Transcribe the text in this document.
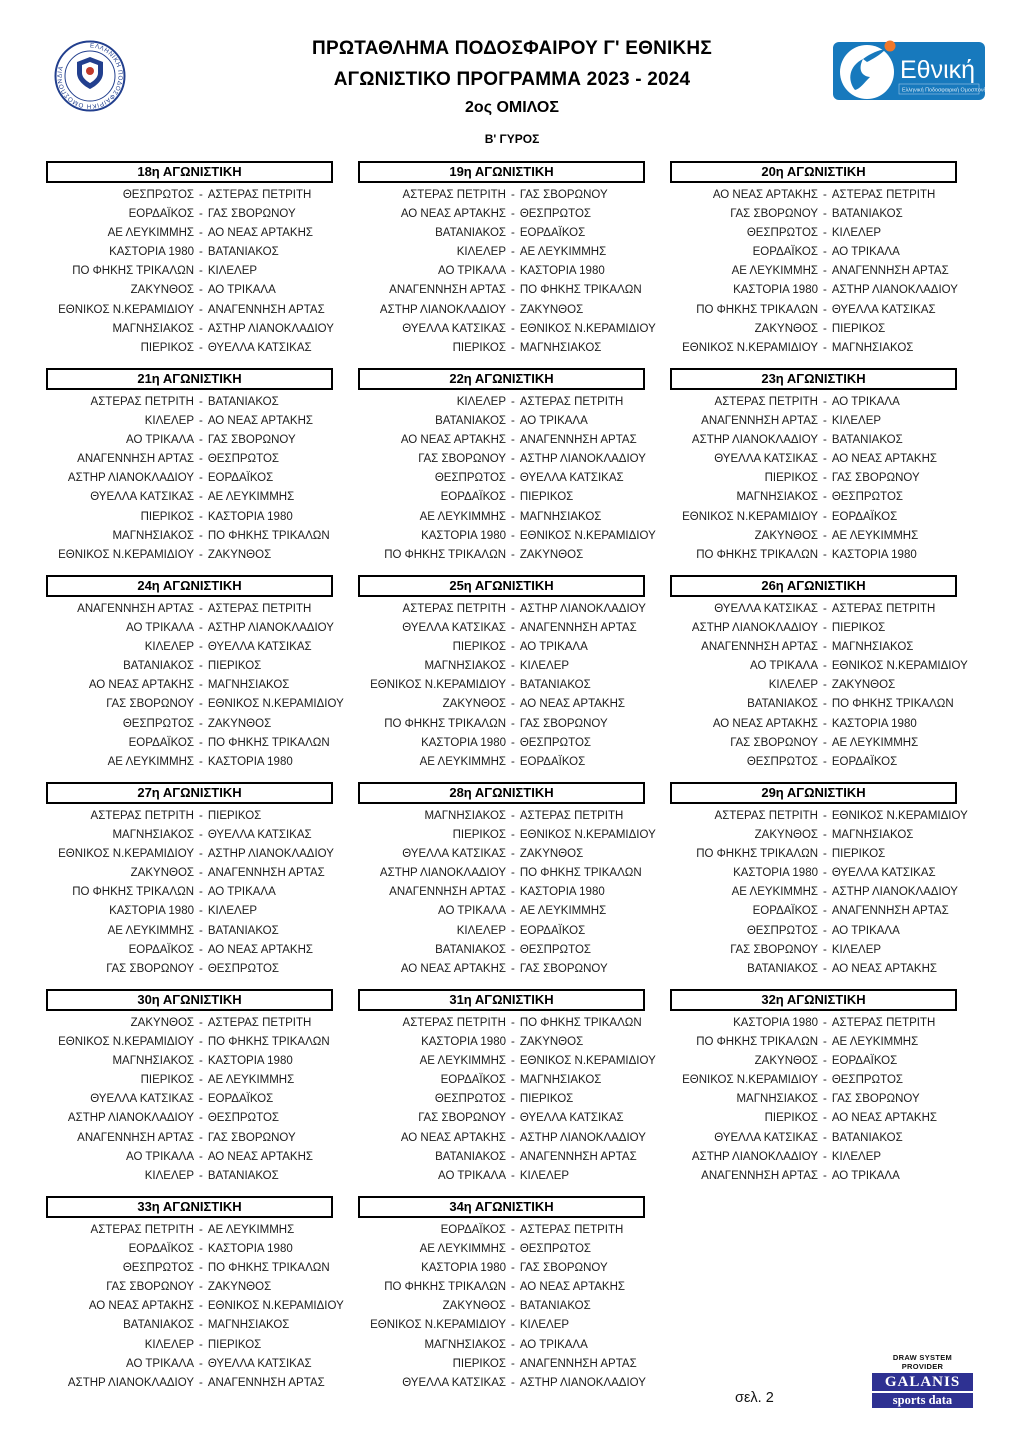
ΕΛΛΗΝΙΚΗ ΠΟΔΟΣΦΑΙΡΙΚΗ ΟΜΟΣΠΟΝΔΙΑ
ΠΡΩΤΑΘΛΗΜΑ ΠΟΔΟΣΦΑΙΡΟΥ Γ' ΕΘΝΙΚΗΣ
ΑΓΩΝΙΣΤΙΚΟ ΠΡΟΓΡΑΜΜΑ 2023 - 2024
2ος ΟΜΙΛΟΣ
Β' ΓΥΡΟΣ
Εθνική
Ελληνική Ποδοσφαιρική Ομοσπονδία
18η ΑΓΩΝΙΣΤΙΚΗ
ΘΕΣΠΡΩΤΟΣ - ΑΣΤΕΡΑΣ ΠΕΤΡΙΤΗ
ΕΟΡΔΑΪΚΟΣ - ΓΑΣ ΣΒΟΡΩΝΟΥ
ΑΕ ΛΕΥΚΙΜΜΗΣ - ΑΟ ΝΕΑΣ ΑΡΤΑΚΗΣ
ΚΑΣΤΟΡΙΑ 1980 - ΒΑΤΑΝΙΑΚΟΣ
ΠΟ ΦΗΚΗΣ ΤΡΙΚΑΛΩΝ - ΚΙΛΕΛΕΡ
ΖΑΚΥΝΘΟΣ - ΑΟ ΤΡΙΚΑΛΑ
ΕΘΝΙΚΟΣ Ν.ΚΕΡΑΜΙΔΙΟΥ - ΑΝΑΓΕΝΝΗΣΗ ΑΡΤΑΣ
ΜΑΓΝΗΣΙΑΚΟΣ - ΑΣΤΗΡ ΛΙΑΝΟΚΛΑΔΙΟΥ
ΠΙΕΡΙΚΟΣ - ΘΥΕΛΛΑ ΚΑΤΣΙΚΑΣ
19η ΑΓΩΝΙΣΤΙΚΗ
ΑΣΤΕΡΑΣ ΠΕΤΡΙΤΗ - ΓΑΣ ΣΒΟΡΩΝΟΥ
ΑΟ ΝΕΑΣ ΑΡΤΑΚΗΣ - ΘΕΣΠΡΩΤΟΣ
ΒΑΤΑΝΙΑΚΟΣ - ΕΟΡΔΑΪΚΟΣ
ΚΙΛΕΛΕΡ - ΑΕ ΛΕΥΚΙΜΜΗΣ
ΑΟ ΤΡΙΚΑΛΑ - ΚΑΣΤΟΡΙΑ 1980
ΑΝΑΓΕΝΝΗΣΗ ΑΡΤΑΣ - ΠΟ ΦΗΚΗΣ ΤΡΙΚΑΛΩΝ
ΑΣΤΗΡ ΛΙΑΝΟΚΛΑΔΙΟΥ - ΖΑΚΥΝΘΟΣ
ΘΥΕΛΛΑ ΚΑΤΣΙΚΑΣ - ΕΘΝΙΚΟΣ Ν.ΚΕΡΑΜΙΔΙΟΥ
ΠΙΕΡΙΚΟΣ - ΜΑΓΝΗΣΙΑΚΟΣ
20η ΑΓΩΝΙΣΤΙΚΗ
ΑΟ ΝΕΑΣ ΑΡΤΑΚΗΣ - ΑΣΤΕΡΑΣ ΠΕΤΡΙΤΗ
ΓΑΣ ΣΒΟΡΩΝΟΥ - ΒΑΤΑΝΙΑΚΟΣ
ΘΕΣΠΡΩΤΟΣ - ΚΙΛΕΛΕΡ
ΕΟΡΔΑΪΚΟΣ - ΑΟ ΤΡΙΚΑΛΑ
ΑΕ ΛΕΥΚΙΜΜΗΣ - ΑΝΑΓΕΝΝΗΣΗ ΑΡΤΑΣ
ΚΑΣΤΟΡΙΑ 1980 - ΑΣΤΗΡ ΛΙΑΝΟΚΛΑΔΙΟΥ
ΠΟ ΦΗΚΗΣ ΤΡΙΚΑΛΩΝ - ΘΥΕΛΛΑ ΚΑΤΣΙΚΑΣ
ΖΑΚΥΝΘΟΣ - ΠΙΕΡΙΚΟΣ
ΕΘΝΙΚΟΣ Ν.ΚΕΡΑΜΙΔΙΟΥ - ΜΑΓΝΗΣΙΑΚΟΣ
21η ΑΓΩΝΙΣΤΙΚΗ
ΑΣΤΕΡΑΣ ΠΕΤΡΙΤΗ - ΒΑΤΑΝΙΑΚΟΣ
ΚΙΛΕΛΕΡ - ΑΟ ΝΕΑΣ ΑΡΤΑΚΗΣ
ΑΟ ΤΡΙΚΑΛΑ - ΓΑΣ ΣΒΟΡΩΝΟΥ
ΑΝΑΓΕΝΝΗΣΗ ΑΡΤΑΣ - ΘΕΣΠΡΩΤΟΣ
ΑΣΤΗΡ ΛΙΑΝΟΚΛΑΔΙΟΥ - ΕΟΡΔΑΪΚΟΣ
ΘΥΕΛΛΑ ΚΑΤΣΙΚΑΣ - ΑΕ ΛΕΥΚΙΜΜΗΣ
ΠΙΕΡΙΚΟΣ - ΚΑΣΤΟΡΙΑ 1980
ΜΑΓΝΗΣΙΑΚΟΣ - ΠΟ ΦΗΚΗΣ ΤΡΙΚΑΛΩΝ
ΕΘΝΙΚΟΣ Ν.ΚΕΡΑΜΙΔΙΟΥ - ΖΑΚΥΝΘΟΣ
22η ΑΓΩΝΙΣΤΙΚΗ
ΚΙΛΕΛΕΡ - ΑΣΤΕΡΑΣ ΠΕΤΡΙΤΗ
ΒΑΤΑΝΙΑΚΟΣ - ΑΟ ΤΡΙΚΑΛΑ
ΑΟ ΝΕΑΣ ΑΡΤΑΚΗΣ - ΑΝΑΓΕΝΝΗΣΗ ΑΡΤΑΣ
ΓΑΣ ΣΒΟΡΩΝΟΥ - ΑΣΤΗΡ ΛΙΑΝΟΚΛΑΔΙΟΥ
ΘΕΣΠΡΩΤΟΣ - ΘΥΕΛΛΑ ΚΑΤΣΙΚΑΣ
ΕΟΡΔΑΪΚΟΣ - ΠΙΕΡΙΚΟΣ
ΑΕ ΛΕΥΚΙΜΜΗΣ - ΜΑΓΝΗΣΙΑΚΟΣ
ΚΑΣΤΟΡΙΑ 1980 - ΕΘΝΙΚΟΣ Ν.ΚΕΡΑΜΙΔΙΟΥ
ΠΟ ΦΗΚΗΣ ΤΡΙΚΑΛΩΝ - ΖΑΚΥΝΘΟΣ
23η ΑΓΩΝΙΣΤΙΚΗ
ΑΣΤΕΡΑΣ ΠΕΤΡΙΤΗ - ΑΟ ΤΡΙΚΑΛΑ
ΑΝΑΓΕΝΝΗΣΗ ΑΡΤΑΣ - ΚΙΛΕΛΕΡ
ΑΣΤΗΡ ΛΙΑΝΟΚΛΑΔΙΟΥ - ΒΑΤΑΝΙΑΚΟΣ
ΘΥΕΛΛΑ ΚΑΤΣΙΚΑΣ - ΑΟ ΝΕΑΣ ΑΡΤΑΚΗΣ
ΠΙΕΡΙΚΟΣ - ΓΑΣ ΣΒΟΡΩΝΟΥ
ΜΑΓΝΗΣΙΑΚΟΣ - ΘΕΣΠΡΩΤΟΣ
ΕΘΝΙΚΟΣ Ν.ΚΕΡΑΜΙΔΙΟΥ - ΕΟΡΔΑΪΚΟΣ
ΖΑΚΥΝΘΟΣ - ΑΕ ΛΕΥΚΙΜΜΗΣ
ΠΟ ΦΗΚΗΣ ΤΡΙΚΑΛΩΝ - ΚΑΣΤΟΡΙΑ 1980
24η ΑΓΩΝΙΣΤΙΚΗ
ΑΝΑΓΕΝΝΗΣΗ ΑΡΤΑΣ - ΑΣΤΕΡΑΣ ΠΕΤΡΙΤΗ
ΑΟ ΤΡΙΚΑΛΑ - ΑΣΤΗΡ ΛΙΑΝΟΚΛΑΔΙΟΥ
ΚΙΛΕΛΕΡ - ΘΥΕΛΛΑ ΚΑΤΣΙΚΑΣ
ΒΑΤΑΝΙΑΚΟΣ - ΠΙΕΡΙΚΟΣ
ΑΟ ΝΕΑΣ ΑΡΤΑΚΗΣ - ΜΑΓΝΗΣΙΑΚΟΣ
ΓΑΣ ΣΒΟΡΩΝΟΥ - ΕΘΝΙΚΟΣ Ν.ΚΕΡΑΜΙΔΙΟΥ
ΘΕΣΠΡΩΤΟΣ - ΖΑΚΥΝΘΟΣ
ΕΟΡΔΑΪΚΟΣ - ΠΟ ΦΗΚΗΣ ΤΡΙΚΑΛΩΝ
ΑΕ ΛΕΥΚΙΜΜΗΣ - ΚΑΣΤΟΡΙΑ 1980
25η ΑΓΩΝΙΣΤΙΚΗ
ΑΣΤΕΡΑΣ ΠΕΤΡΙΤΗ - ΑΣΤΗΡ ΛΙΑΝΟΚΛΑΔΙΟΥ
ΘΥΕΛΛΑ ΚΑΤΣΙΚΑΣ - ΑΝΑΓΕΝΝΗΣΗ ΑΡΤΑΣ
ΠΙΕΡΙΚΟΣ - ΑΟ ΤΡΙΚΑΛΑ
ΜΑΓΝΗΣΙΑΚΟΣ - ΚΙΛΕΛΕΡ
ΕΘΝΙΚΟΣ Ν.ΚΕΡΑΜΙΔΙΟΥ - ΒΑΤΑΝΙΑΚΟΣ
ΖΑΚΥΝΘΟΣ - ΑΟ ΝΕΑΣ ΑΡΤΑΚΗΣ
ΠΟ ΦΗΚΗΣ ΤΡΙΚΑΛΩΝ - ΓΑΣ ΣΒΟΡΩΝΟΥ
ΚΑΣΤΟΡΙΑ 1980 - ΘΕΣΠΡΩΤΟΣ
ΑΕ ΛΕΥΚΙΜΜΗΣ - ΕΟΡΔΑΪΚΟΣ
26η ΑΓΩΝΙΣΤΙΚΗ
ΘΥΕΛΛΑ ΚΑΤΣΙΚΑΣ - ΑΣΤΕΡΑΣ ΠΕΤΡΙΤΗ
ΑΣΤΗΡ ΛΙΑΝΟΚΛΑΔΙΟΥ - ΠΙΕΡΙΚΟΣ
ΑΝΑΓΕΝΝΗΣΗ ΑΡΤΑΣ - ΜΑΓΝΗΣΙΑΚΟΣ
ΑΟ ΤΡΙΚΑΛΑ - ΕΘΝΙΚΟΣ Ν.ΚΕΡΑΜΙΔΙΟΥ
ΚΙΛΕΛΕΡ - ΖΑΚΥΝΘΟΣ
ΒΑΤΑΝΙΑΚΟΣ - ΠΟ ΦΗΚΗΣ ΤΡΙΚΑΛΩΝ
ΑΟ ΝΕΑΣ ΑΡΤΑΚΗΣ - ΚΑΣΤΟΡΙΑ 1980
ΓΑΣ ΣΒΟΡΩΝΟΥ - ΑΕ ΛΕΥΚΙΜΜΗΣ
ΘΕΣΠΡΩΤΟΣ - ΕΟΡΔΑΪΚΟΣ
27η ΑΓΩΝΙΣΤΙΚΗ
ΑΣΤΕΡΑΣ ΠΕΤΡΙΤΗ - ΠΙΕΡΙΚΟΣ
ΜΑΓΝΗΣΙΑΚΟΣ - ΘΥΕΛΛΑ ΚΑΤΣΙΚΑΣ
ΕΘΝΙΚΟΣ Ν.ΚΕΡΑΜΙΔΙΟΥ - ΑΣΤΗΡ ΛΙΑΝΟΚΛΑΔΙΟΥ
ΖΑΚΥΝΘΟΣ - ΑΝΑΓΕΝΝΗΣΗ ΑΡΤΑΣ
ΠΟ ΦΗΚΗΣ ΤΡΙΚΑΛΩΝ - ΑΟ ΤΡΙΚΑΛΑ
ΚΑΣΤΟΡΙΑ 1980 - ΚΙΛΕΛΕΡ
ΑΕ ΛΕΥΚΙΜΜΗΣ - ΒΑΤΑΝΙΑΚΟΣ
ΕΟΡΔΑΪΚΟΣ - ΑΟ ΝΕΑΣ ΑΡΤΑΚΗΣ
ΓΑΣ ΣΒΟΡΩΝΟΥ - ΘΕΣΠΡΩΤΟΣ
28η ΑΓΩΝΙΣΤΙΚΗ
ΜΑΓΝΗΣΙΑΚΟΣ - ΑΣΤΕΡΑΣ ΠΕΤΡΙΤΗ
ΠΙΕΡΙΚΟΣ - ΕΘΝΙΚΟΣ Ν.ΚΕΡΑΜΙΔΙΟΥ
ΘΥΕΛΛΑ ΚΑΤΣΙΚΑΣ - ΖΑΚΥΝΘΟΣ
ΑΣΤΗΡ ΛΙΑΝΟΚΛΑΔΙΟΥ - ΠΟ ΦΗΚΗΣ ΤΡΙΚΑΛΩΝ
ΑΝΑΓΕΝΝΗΣΗ ΑΡΤΑΣ - ΚΑΣΤΟΡΙΑ 1980
ΑΟ ΤΡΙΚΑΛΑ - ΑΕ ΛΕΥΚΙΜΜΗΣ
ΚΙΛΕΛΕΡ - ΕΟΡΔΑΪΚΟΣ
ΒΑΤΑΝΙΑΚΟΣ - ΘΕΣΠΡΩΤΟΣ
ΑΟ ΝΕΑΣ ΑΡΤΑΚΗΣ - ΓΑΣ ΣΒΟΡΩΝΟΥ
29η ΑΓΩΝΙΣΤΙΚΗ
ΑΣΤΕΡΑΣ ΠΕΤΡΙΤΗ - ΕΘΝΙΚΟΣ Ν.ΚΕΡΑΜΙΔΙΟΥ
ΖΑΚΥΝΘΟΣ - ΜΑΓΝΗΣΙΑΚΟΣ
ΠΟ ΦΗΚΗΣ ΤΡΙΚΑΛΩΝ - ΠΙΕΡΙΚΟΣ
ΚΑΣΤΟΡΙΑ 1980 - ΘΥΕΛΛΑ ΚΑΤΣΙΚΑΣ
ΑΕ ΛΕΥΚΙΜΜΗΣ - ΑΣΤΗΡ ΛΙΑΝΟΚΛΑΔΙΟΥ
ΕΟΡΔΑΪΚΟΣ - ΑΝΑΓΕΝΝΗΣΗ ΑΡΤΑΣ
ΘΕΣΠΡΩΤΟΣ - ΑΟ ΤΡΙΚΑΛΑ
ΓΑΣ ΣΒΟΡΩΝΟΥ - ΚΙΛΕΛΕΡ
ΒΑΤΑΝΙΑΚΟΣ - ΑΟ ΝΕΑΣ ΑΡΤΑΚΗΣ
30η ΑΓΩΝΙΣΤΙΚΗ
ΖΑΚΥΝΘΟΣ - ΑΣΤΕΡΑΣ ΠΕΤΡΙΤΗ
ΕΘΝΙΚΟΣ Ν.ΚΕΡΑΜΙΔΙΟΥ - ΠΟ ΦΗΚΗΣ ΤΡΙΚΑΛΩΝ
ΜΑΓΝΗΣΙΑΚΟΣ - ΚΑΣΤΟΡΙΑ 1980
ΠΙΕΡΙΚΟΣ - ΑΕ ΛΕΥΚΙΜΜΗΣ
ΘΥΕΛΛΑ ΚΑΤΣΙΚΑΣ - ΕΟΡΔΑΪΚΟΣ
ΑΣΤΗΡ ΛΙΑΝΟΚΛΑΔΙΟΥ - ΘΕΣΠΡΩΤΟΣ
ΑΝΑΓΕΝΝΗΣΗ ΑΡΤΑΣ - ΓΑΣ ΣΒΟΡΩΝΟΥ
ΑΟ ΤΡΙΚΑΛΑ - ΑΟ ΝΕΑΣ ΑΡΤΑΚΗΣ
ΚΙΛΕΛΕΡ - ΒΑΤΑΝΙΑΚΟΣ
31η ΑΓΩΝΙΣΤΙΚΗ
ΑΣΤΕΡΑΣ ΠΕΤΡΙΤΗ - ΠΟ ΦΗΚΗΣ ΤΡΙΚΑΛΩΝ
ΚΑΣΤΟΡΙΑ 1980 - ΖΑΚΥΝΘΟΣ
ΑΕ ΛΕΥΚΙΜΜΗΣ - ΕΘΝΙΚΟΣ Ν.ΚΕΡΑΜΙΔΙΟΥ
ΕΟΡΔΑΪΚΟΣ - ΜΑΓΝΗΣΙΑΚΟΣ
ΘΕΣΠΡΩΤΟΣ - ΠΙΕΡΙΚΟΣ
ΓΑΣ ΣΒΟΡΩΝΟΥ - ΘΥΕΛΛΑ ΚΑΤΣΙΚΑΣ
ΑΟ ΝΕΑΣ ΑΡΤΑΚΗΣ - ΑΣΤΗΡ ΛΙΑΝΟΚΛΑΔΙΟΥ
ΒΑΤΑΝΙΑΚΟΣ - ΑΝΑΓΕΝΝΗΣΗ ΑΡΤΑΣ
ΑΟ ΤΡΙΚΑΛΑ - ΚΙΛΕΛΕΡ
32η ΑΓΩΝΙΣΤΙΚΗ
ΚΑΣΤΟΡΙΑ 1980 - ΑΣΤΕΡΑΣ ΠΕΤΡΙΤΗ
ΠΟ ΦΗΚΗΣ ΤΡΙΚΑΛΩΝ - ΑΕ ΛΕΥΚΙΜΜΗΣ
ΖΑΚΥΝΘΟΣ - ΕΟΡΔΑΪΚΟΣ
ΕΘΝΙΚΟΣ Ν.ΚΕΡΑΜΙΔΙΟΥ - ΘΕΣΠΡΩΤΟΣ
ΜΑΓΝΗΣΙΑΚΟΣ - ΓΑΣ ΣΒΟΡΩΝΟΥ
ΠΙΕΡΙΚΟΣ - ΑΟ ΝΕΑΣ ΑΡΤΑΚΗΣ
ΘΥΕΛΛΑ ΚΑΤΣΙΚΑΣ - ΒΑΤΑΝΙΑΚΟΣ
ΑΣΤΗΡ ΛΙΑΝΟΚΛΑΔΙΟΥ - ΚΙΛΕΛΕΡ
ΑΝΑΓΕΝΝΗΣΗ ΑΡΤΑΣ - ΑΟ ΤΡΙΚΑΛΑ
33η ΑΓΩΝΙΣΤΙΚΗ
ΑΣΤΕΡΑΣ ΠΕΤΡΙΤΗ - ΑΕ ΛΕΥΚΙΜΜΗΣ
ΕΟΡΔΑΪΚΟΣ - ΚΑΣΤΟΡΙΑ 1980
ΘΕΣΠΡΩΤΟΣ - ΠΟ ΦΗΚΗΣ ΤΡΙΚΑΛΩΝ
ΓΑΣ ΣΒΟΡΩΝΟΥ - ΖΑΚΥΝΘΟΣ
ΑΟ ΝΕΑΣ ΑΡΤΑΚΗΣ - ΕΘΝΙΚΟΣ Ν.ΚΕΡΑΜΙΔΙΟΥ
ΒΑΤΑΝΙΑΚΟΣ - ΜΑΓΝΗΣΙΑΚΟΣ
ΚΙΛΕΛΕΡ - ΠΙΕΡΙΚΟΣ
ΑΟ ΤΡΙΚΑΛΑ - ΘΥΕΛΛΑ ΚΑΤΣΙΚΑΣ
ΑΣΤΗΡ ΛΙΑΝΟΚΛΑΔΙΟΥ - ΑΝΑΓΕΝΝΗΣΗ ΑΡΤΑΣ
34η ΑΓΩΝΙΣΤΙΚΗ
ΕΟΡΔΑΪΚΟΣ - ΑΣΤΕΡΑΣ ΠΕΤΡΙΤΗ
ΑΕ ΛΕΥΚΙΜΜΗΣ - ΘΕΣΠΡΩΤΟΣ
ΚΑΣΤΟΡΙΑ 1980 - ΓΑΣ ΣΒΟΡΩΝΟΥ
ΠΟ ΦΗΚΗΣ ΤΡΙΚΑΛΩΝ - ΑΟ ΝΕΑΣ ΑΡΤΑΚΗΣ
ΖΑΚΥΝΘΟΣ - ΒΑΤΑΝΙΑΚΟΣ
ΕΘΝΙΚΟΣ Ν.ΚΕΡΑΜΙΔΙΟΥ - ΚΙΛΕΛΕΡ
ΜΑΓΝΗΣΙΑΚΟΣ - ΑΟ ΤΡΙΚΑΛΑ
ΠΙΕΡΙΚΟΣ - ΑΝΑΓΕΝΝΗΣΗ ΑΡΤΑΣ
ΘΥΕΛΛΑ ΚΑΤΣΙΚΑΣ - ΑΣΤΗΡ ΛΙΑΝΟΚΛΑΔΙΟΥ
σελ. 2
DRAW SYSTEM PROVIDER
GALANIS
sports data
